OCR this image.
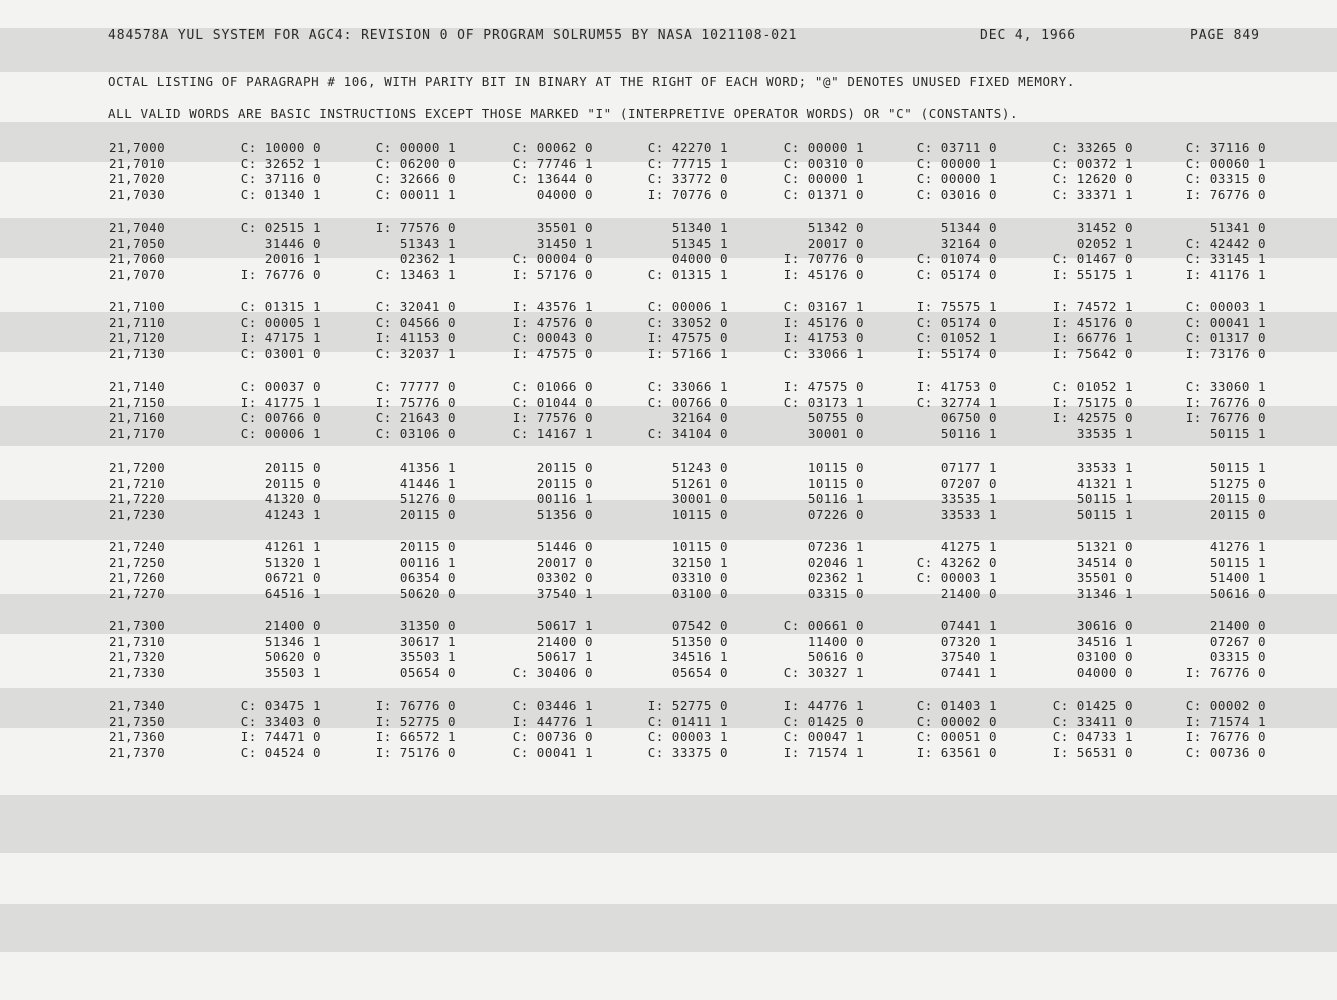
484578A YUL SYSTEM FOR AGC4: REVISION 0 OF PROGRAM SOLRUM55 BY NASA 1021108-021	DEC 4, 1966	PAGE 849
OCTAL LISTING OF PARAGRAPH # 106, WITH PARITY BIT IN BINARY AT THE RIGHT OF EACH WORD; "@" DENOTES UNUSED FIXED MEMORY.
ALL VALID WORDS ARE BASIC INSTRUCTIONS EXCEPT THOSE MARKED "I" (INTERPRETIVE OPERATOR WORDS) OR "C" (CONSTANTS).
21,7000	C: 10000 0	C: 00000 1	C: 00062 0	C: 42270 1	C: 00000 1	C: 03711 0	C: 33265 0	C: 37116 0
21,7010	C: 32652 1	C: 06200 0	C: 77746 1	C: 77715 1	C: 00310 0	C: 00000 1	C: 00372 1	C: 00060 1
21,7020	C: 37116 0	C: 32666 0	C: 13644 0	C: 33772 0	C: 00000 1	C: 00000 1	C: 12620 0	C: 03315 0
21,7030	C: 01340 1	C: 00011 1	04000 0	I: 70776 0	C: 01371 0	C: 03016 0	C: 33371 1	I: 76776 0
21,7040	C: 02515 1	I: 77576 0	35501 0	51340 1	51342 0	51344 0	31452 0	51341 0
21,7050	31446 0	51343 1	31450 1	51345 1	20017 0	32164 0	02052 1	C: 42442 0
21,7060	20016 1	02362 1	C: 00004 0	04000 0	I: 70776 0	C: 01074 0	C: 01467 0	C: 33145 1
21,7070	I: 76776 0	C: 13463 1	I: 57176 0	C: 01315 1	I: 45176 0	C: 05174 0	I: 55175 1	I: 41176 1
21,7100	C: 01315 1	C: 32041 0	I: 43576 1	C: 00006 1	C: 03167 1	I: 75575 1	I: 74572 1	C: 00003 1
21,7110	C: 00005 1	C: 04566 0	I: 47576 0	C: 33052 0	I: 45176 0	C: 05174 0	I: 45176 0	C: 00041 1
21,7120	I: 47175 1	I: 41153 0	C: 00043 0	I: 47575 0	I: 41753 0	C: 01052 1	I: 66776 1	C: 01317 0
21,7130	C: 03001 0	C: 32037 1	I: 47575 0	I: 57166 1	C: 33066 1	I: 55174 0	I: 75642 0	I: 73176 0
21,7140	C: 00037 0	C: 77777 0	C: 01066 0	C: 33066 1	I: 47575 0	I: 41753 0	C: 01052 1	C: 33060 1
21,7150	I: 41775 1	I: 75776 0	C: 01044 0	C: 00766 0	C: 03173 1	C: 32774 1	I: 75175 0	I: 76776 0
21,7160	C: 00766 0	C: 21643 0	I: 77576 0	32164 0	50755 0	06750 0	I: 42575 0	I: 76776 0
21,7170	C: 00006 1	C: 03106 0	C: 14167 1	C: 34104 0	30001 0	50116 1	33535 1	50115 1
21,7200	20115 0	41356 1	20115 0	51243 0	10115 0	07177 1	33533 1	50115 1
21,7210	20115 0	41446 1	20115 0	51261 0	10115 0	07207 0	41321 1	51275 0
21,7220	41320 0	51276 0	00116 1	30001 0	50116 1	33535 1	50115 1	20115 0
21,7230	41243 1	20115 0	51356 0	10115 0	07226 0	33533 1	50115 1	20115 0
21,7240	41261 1	20115 0	51446 0	10115 0	07236 1	41275 1	51321 0	41276 1
21,7250	51320 1	00116 1	20017 0	32150 1	02046 1	C: 43262 0	34514 0	50115 1
21,7260	06721 0	06354 0	03302 0	03310 0	02362 1	C: 00003 1	35501 0	51400 1
21,7270	64516 1	50620 0	37540 1	03100 0	03315 0	21400 0	31346 1	50616 0
21,7300	21400 0	31350 0	50617 1	07542 0	C: 00661 0	07441 1	30616 0	21400 0
21,7310	51346 1	30617 1	21400 0	51350 0	11400 0	07320 1	34516 1	07267 0
21,7320	50620 0	35503 1	50617 1	34516 1	50616 0	37540 1	03100 0	03315 0
21,7330	35503 1	05654 0	C: 30406 0	05654 0	C: 30327 1	07441 1	04000 0	I: 76776 0
21,7340	C: 03475 1	I: 76776 0	C: 03446 1	I: 52775 0	I: 44776 1	C: 01403 1	C: 01425 0	C: 00002 0
21,7350	C: 33403 0	I: 52775 0	I: 44776 1	C: 01411 1	C: 01425 0	C: 00002 0	C: 33411 0	I: 71574 1
21,7360	I: 74471 0	I: 66572 1	C: 00736 0	C: 00003 1	C: 00047 1	C: 00051 0	C: 04733 1	I: 76776 0
21,7370	C: 04524 0	I: 75176 0	C: 00041 1	C: 33375 0	I: 71574 1	I: 63561 0	I: 56531 0	C: 00736 0
